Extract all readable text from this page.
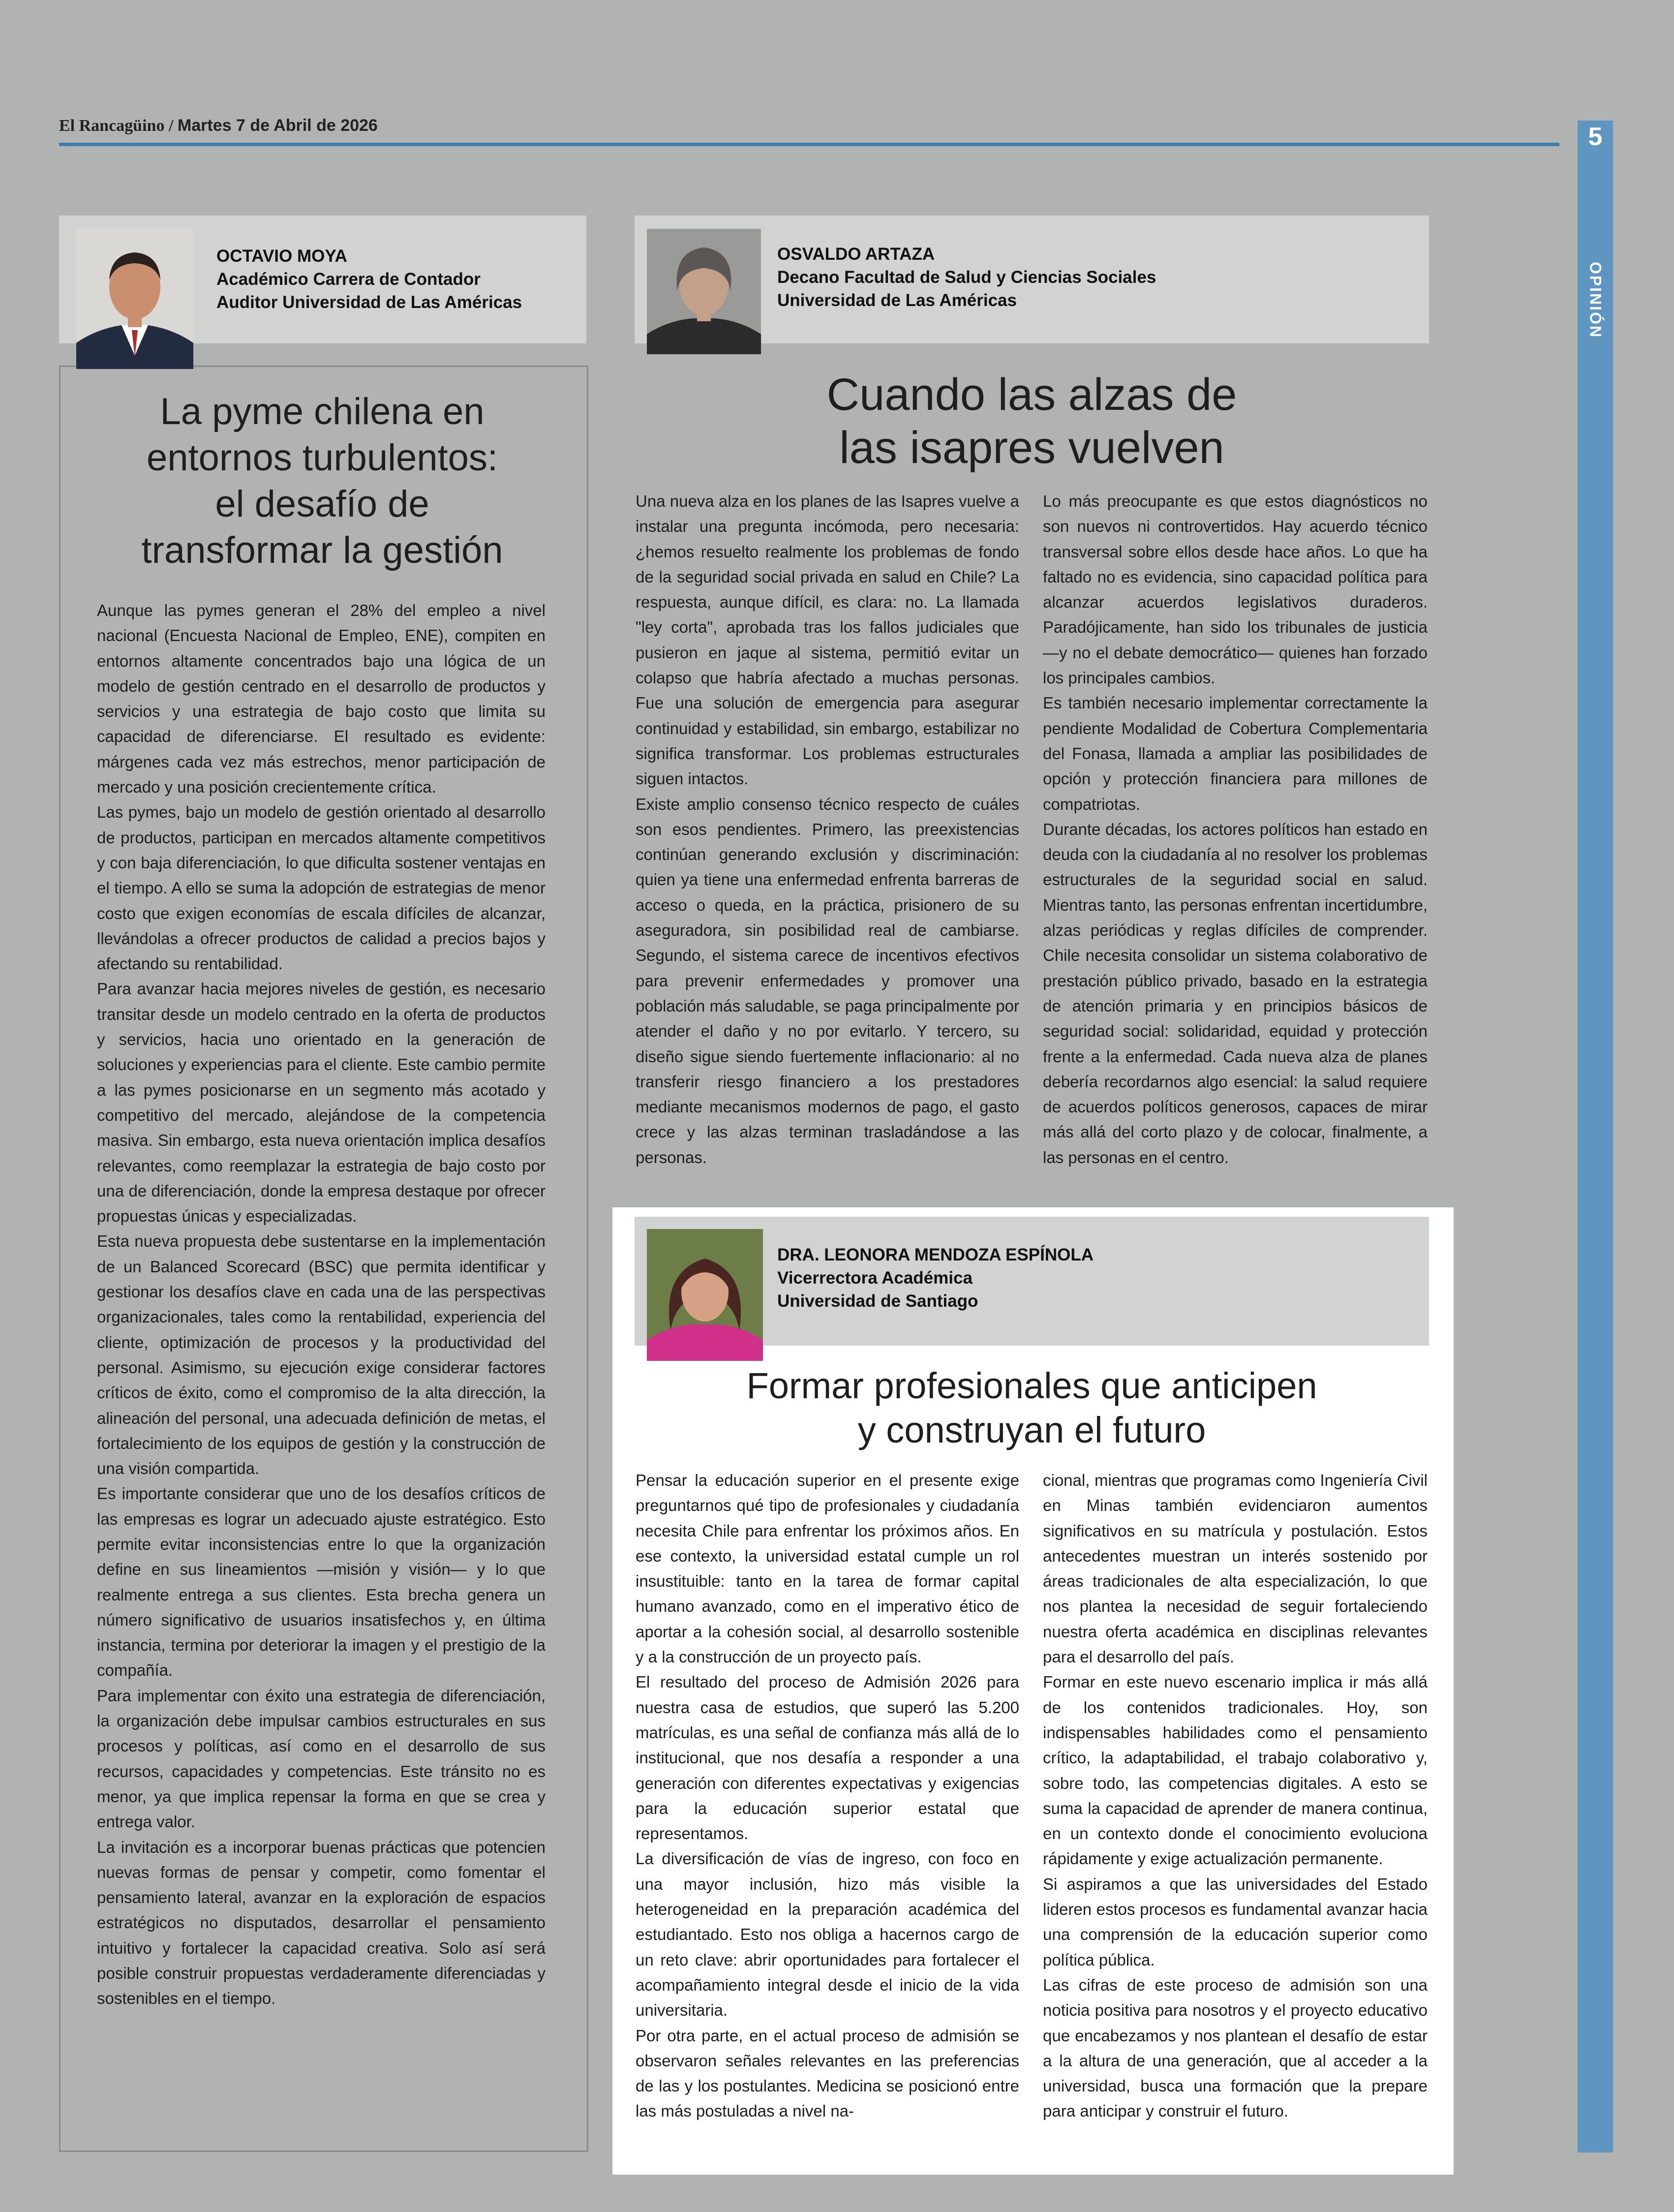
El Rancagüino / Martes 7 de Abril de 2026	5
OPINIÓN
OCTAVIO MOYA
Académico Carrera de Contador
Auditor Universidad de Las Américas
La pyme chilena en
entornos turbulentos:
el desafío de
transformar la gestión

Aunque las pymes generan el 28% del empleo a nivel nacional (Encuesta Nacional de Empleo, ENE), compiten en entornos altamente concentrados bajo una lógica de un modelo de gestión centrado en el desarrollo de productos y servicios y una estrategia de bajo costo que limita su capacidad de diferenciarse. El resultado es evidente: márgenes cada vez más estrechos, menor participación de mercado y una posición crecientemente crítica.

Las pymes, bajo un modelo de gestión orientado al desarrollo de productos, participan en mercados altamente competitivos y con baja diferenciación, lo que dificulta sostener ventajas en el tiempo. A ello se suma la adopción de estrategias de menor costo que exigen economías de escala difíciles de alcanzar, llevándolas a ofrecer productos de calidad a precios bajos y afectando su rentabilidad.

Para avanzar hacia mejores niveles de gestión, es necesario transitar desde un modelo centrado en la oferta de productos y servicios, hacia uno orientado en la generación de soluciones y experiencias para el cliente. Este cambio permite a las pymes posicionarse en un segmento más acotado y competitivo del mercado, alejándose de la competencia masiva. Sin embargo, esta nueva orientación implica desafíos relevantes, como reemplazar la estrategia de bajo costo por una de diferenciación, donde la empresa destaque por ofrecer propuestas únicas y especializadas.

Esta nueva propuesta debe sustentarse en la implementación de un Balanced Scorecard (BSC) que permita identificar y gestionar los desafíos clave en cada una de las perspectivas organizacionales, tales como la rentabilidad, experiencia del cliente, optimización de procesos y la productividad del personal. Asimismo, su ejecución exige considerar factores críticos de éxito, como el compromiso de la alta dirección, la alineación del personal, una adecuada definición de metas, el fortalecimiento de los equipos de gestión y la construcción de una visión compartida.

Es importante considerar que uno de los desafíos críticos de las empresas es lograr un adecuado ajuste estratégico. Esto permite evitar inconsistencias entre lo que la organización define en sus lineamientos —misión y visión— y lo que realmente entrega a sus clientes. Esta brecha genera un número significativo de usuarios insatisfechos y, en última instancia, termina por deteriorar la imagen y el prestigio de la compañía.

Para implementar con éxito una estrategia de diferenciación, la organización debe impulsar cambios estructurales en sus procesos y políticas, así como en el desarrollo de sus recursos, capacidades y competencias. Este tránsito no es menor, ya que implica repensar la forma en que se crea y entrega valor.

La invitación es a incorporar buenas prácticas que potencien nuevas formas de pensar y competir, como fomentar el pensamiento lateral, avanzar en la exploración de espacios estratégicos no disputados, desarrollar el pensamiento intuitivo y fortalecer la capacidad creativa. Solo así será posible construir propuestas verdaderamente diferenciadas y sostenibles en el tiempo.

OSVALDO ARTAZA
Decano Facultad de Salud y Ciencias Sociales
Universidad de Las Américas
Cuando las alzas de
las isapres vuelven

Una nueva alza en los planes de las Isapres vuelve a instalar una pregunta incómoda, pero necesaria: ¿hemos resuelto realmente los problemas de fondo de la seguridad social privada en salud en Chile? La respuesta, aunque difícil, es clara: no. La llamada "ley corta", aprobada tras los fallos judiciales que pusieron en jaque al sistema, permitió evitar un colapso que habría afectado a muchas personas. Fue una solución de emergencia para asegurar continuidad y estabilidad, sin embargo, estabilizar no significa transformar. Los problemas estructurales siguen intactos.

Existe amplio consenso técnico respecto de cuáles son esos pendientes. Primero, las preexistencias continúan generando exclusión y discriminación: quien ya tiene una enfermedad enfrenta barreras de acceso o queda, en la práctica, prisionero de su aseguradora, sin posibilidad real de cambiarse. Segundo, el sistema carece de incentivos efectivos para prevenir enfermedades y promover una población más saludable, se paga principalmente por atender el daño y no por evitarlo. Y tercero, su diseño sigue siendo fuertemente inflacionario: al no transferir riesgo financiero a los prestadores mediante mecanismos modernos de pago, el gasto crece y las alzas terminan trasladándose a las personas.

Lo más preocupante es que estos diagnósticos no son nuevos ni controvertidos. Hay acuerdo técnico transversal sobre ellos desde hace años. Lo que ha faltado no es evidencia, sino capacidad política para alcanzar acuerdos legislativos duraderos. Paradójicamente, han sido los tribunales de justicia —y no el debate democrático— quienes han forzado los principales cambios.

Es también necesario implementar correctamente la pendiente Modalidad de Cobertura Complementaria del Fonasa, llamada a ampliar las posibilidades de opción y protección financiera para millones de compatriotas.

Durante décadas, los actores políticos han estado en deuda con la ciudadanía al no resolver los problemas estructurales de la seguridad social en salud. Mientras tanto, las personas enfrentan incertidumbre, alzas periódicas y reglas difíciles de comprender. Chile necesita consolidar un sistema colaborativo de prestación público privado, basado en la estrategia de atención primaria y en principios básicos de seguridad social: solidaridad, equidad y protección frente a la enfermedad. Cada nueva alza de planes debería recordarnos algo esencial: la salud requiere de acuerdos políticos generosos, capaces de mirar más allá del corto plazo y de colocar, finalmente, a las personas en el centro.

DRA. LEONORA MENDOZA ESPÍNOLA
Vicerrectora Académica
Universidad de Santiago
Formar profesionales que anticipen
y construyan el futuro

Pensar la educación superior en el presente exige preguntarnos qué tipo de profesionales y ciudadanía necesita Chile para enfrentar los próximos años. En ese contexto, la universidad estatal cumple un rol insustituible: tanto en la tarea de formar capital humano avanzado, como en el imperativo ético de aportar a la cohesión social, al desarrollo sostenible y a la construcción de un proyecto país.

El resultado del proceso de Admisión 2026 para nuestra casa de estudios, que superó las 5.200 matrículas, es una señal de confianza más allá de lo institucional, que nos desafía a responder a una generación con diferentes expectativas y exigencias para la educación superior estatal que representamos.

La diversificación de vías de ingreso, con foco en una mayor inclusión, hizo más visible la heterogeneidad en la preparación académica del estudiantado. Esto nos obliga a hacernos cargo de un reto clave: abrir oportunidades para fortalecer el acompañamiento integral desde el inicio de la vida universitaria.

Por otra parte, en el actual proceso de admisión se observaron señales relevantes en las preferencias de las y los postulantes. Medicina se posicionó entre las más postuladas a nivel na-

cional, mientras que programas como Ingeniería Civil en Minas también evidenciaron aumentos significativos en su matrícula y postulación. Estos antecedentes muestran un interés sostenido por áreas tradicionales de alta especialización, lo que nos plantea la necesidad de seguir fortaleciendo nuestra oferta académica en disciplinas relevantes para el desarrollo del país.

Formar en este nuevo escenario implica ir más allá de los contenidos tradicionales. Hoy, son indispensables habilidades como el pensamiento crítico, la adaptabilidad, el trabajo colaborativo y, sobre todo, las competencias digitales. A esto se suma la capacidad de aprender de manera continua, en un contexto donde el conocimiento evoluciona rápidamente y exige actualización permanente.

Si aspiramos a que las universidades del Estado lideren estos procesos es fundamental avanzar hacia una comprensión de la educación superior como política pública.

Las cifras de este proceso de admisión son una noticia positiva para nosotros y el proyecto educativo que encabezamos y nos plantean el desafío de estar a la altura de una generación, que al acceder a la universidad, busca una formación que la prepare para anticipar y construir el futuro.
